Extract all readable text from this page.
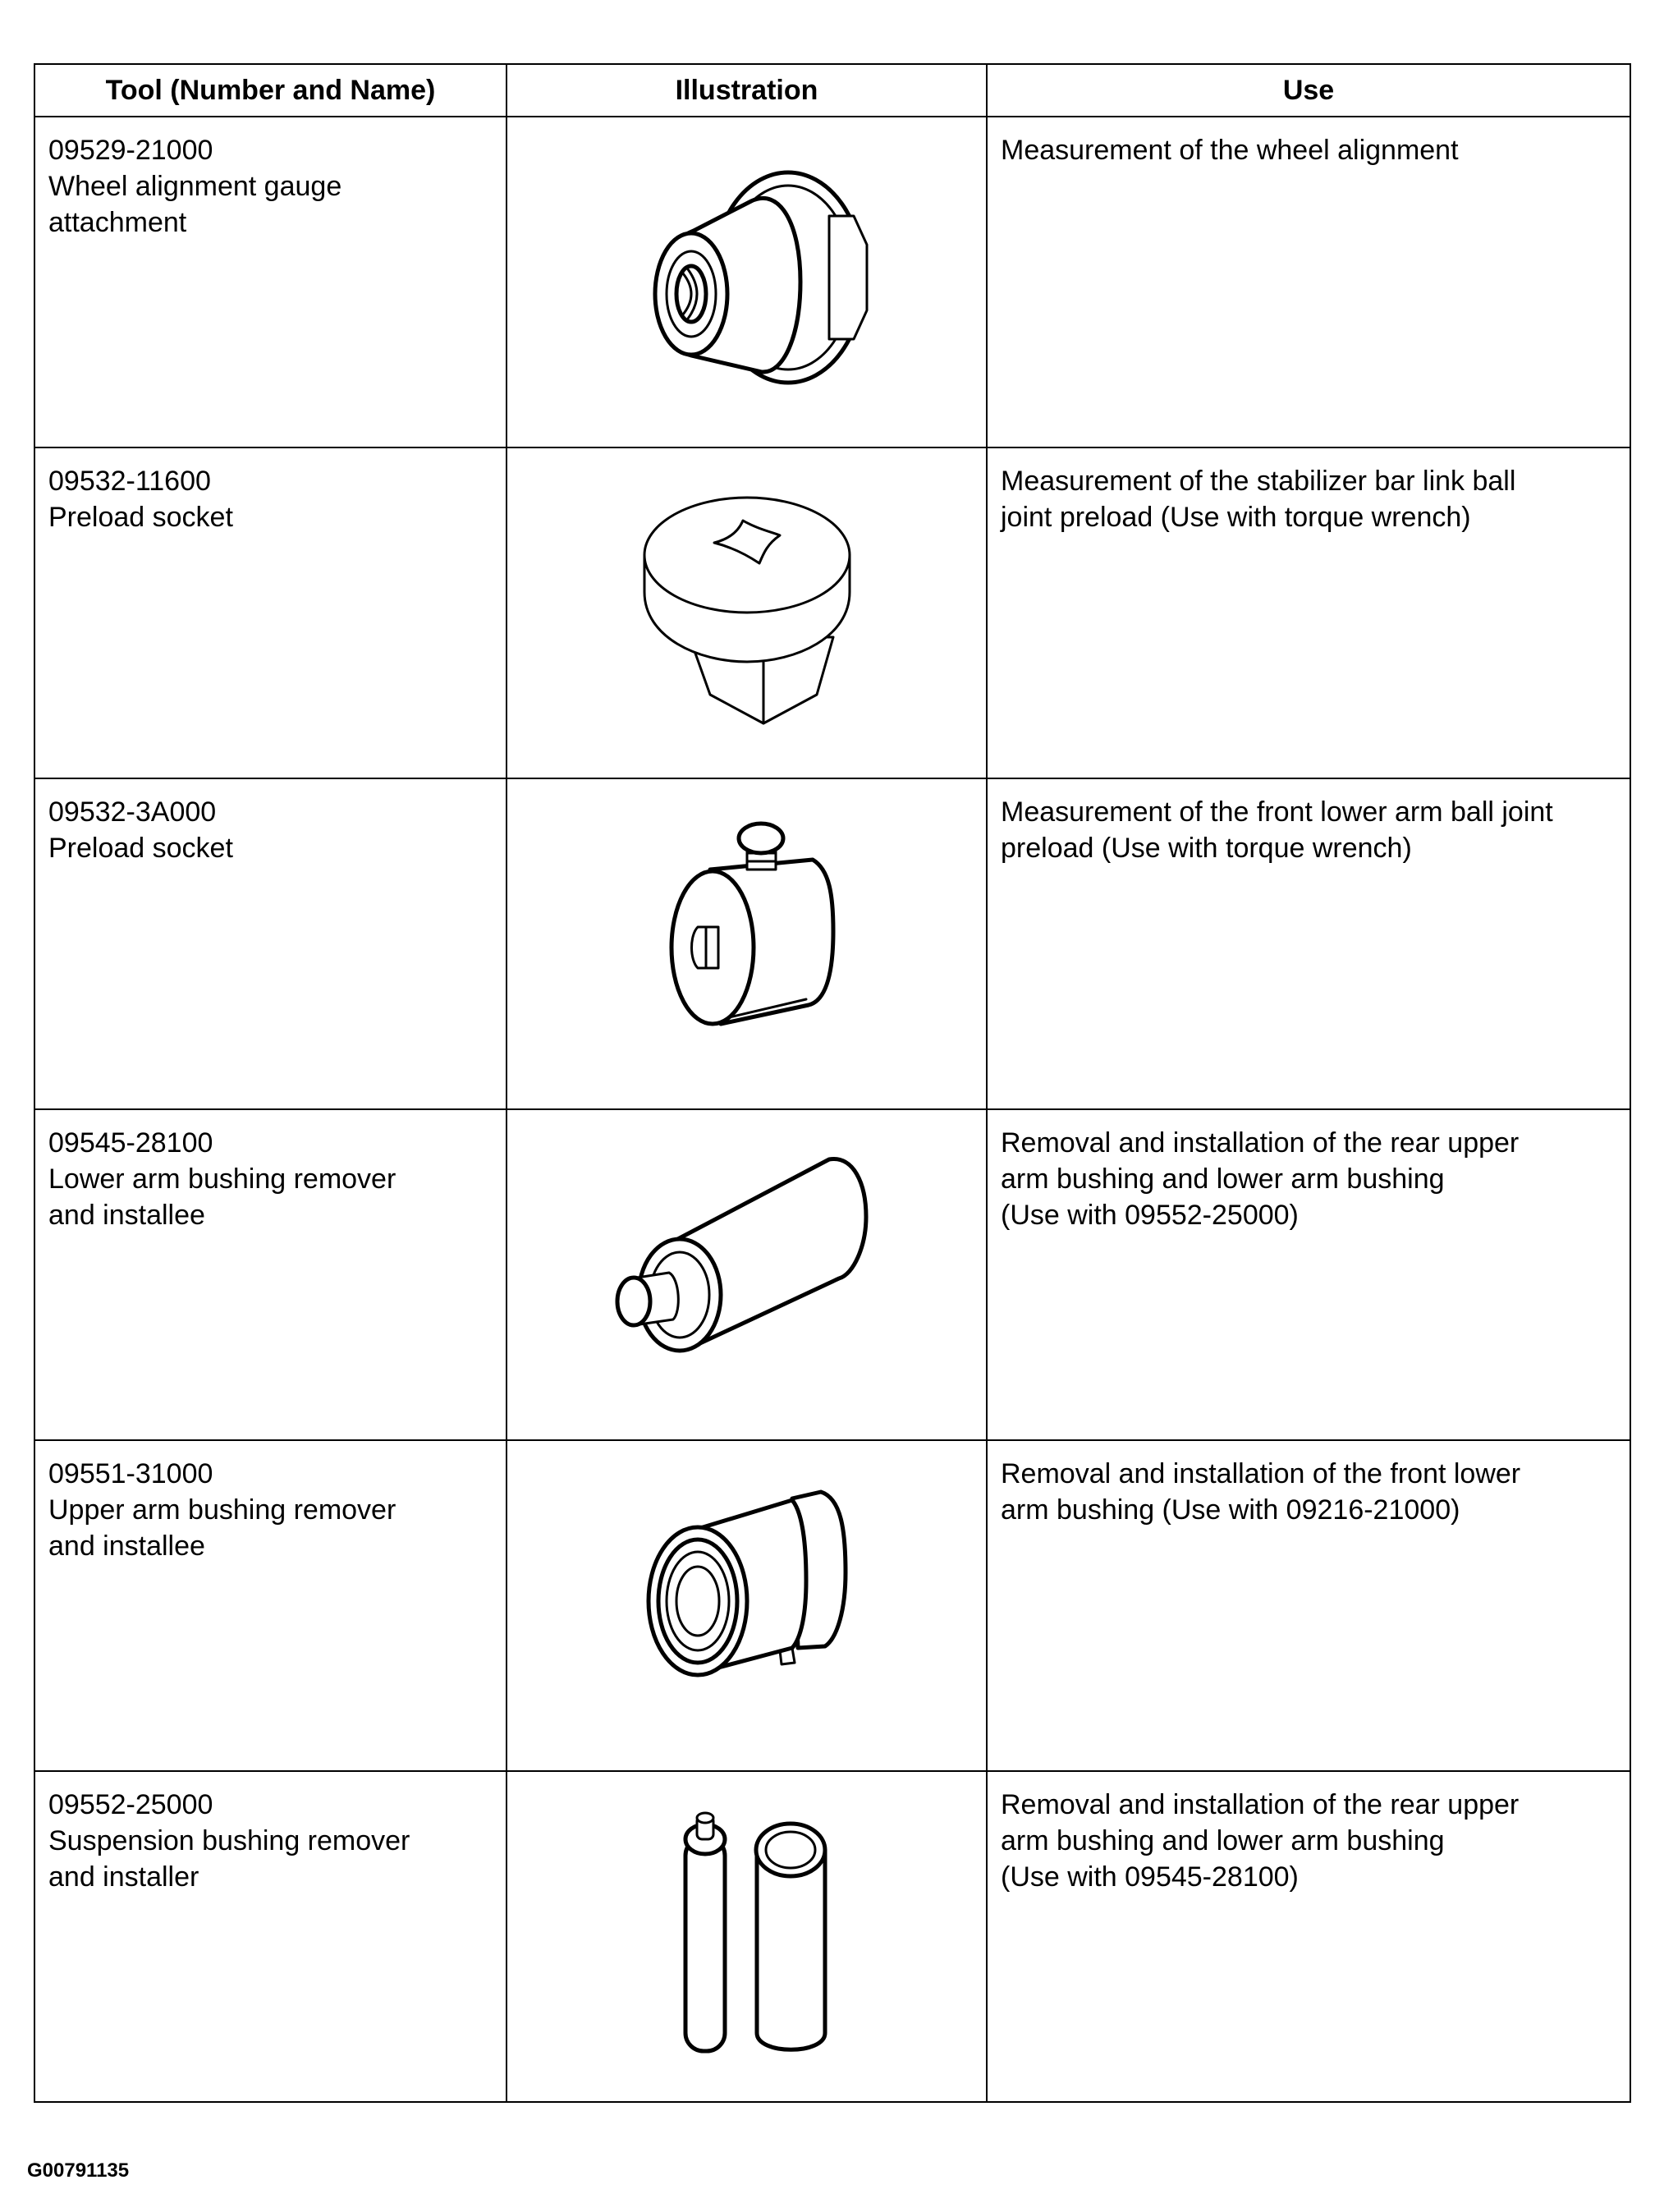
Tool (Number and Name)	Illustration	Use

09529-21000
Wheel alignment gauge
attachment		Measurement of the wheel alignment

09532-11600
Preload socket		Measurement of the stabilizer bar link ball
joint preload (Use with torque wrench)

09532-3A000
Preload socket		Measurement of the front lower arm ball joint
preload (Use with torque wrench)

09545-28100
Lower arm bushing remover
and installee		Removal and installation of the rear upper
arm bushing and lower arm bushing
(Use with 09552-25000)

09551-31000
Upper arm bushing remover
and installee		Removal and installation of the front lower
arm bushing (Use with 09216-21000)

09552-25000
Suspension bushing remover
and installer		Removal and installation of the rear upper
arm bushing and lower arm bushing
(Use with 09545-28100)
G00791135
